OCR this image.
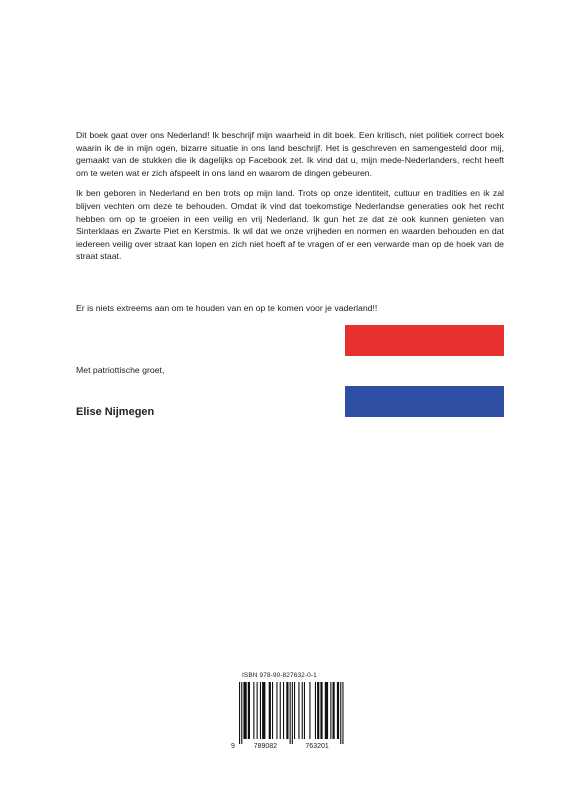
Dit boek gaat over ons Nederland! Ik beschrijf mijn waarheid in dit boek. Een kritisch, niet politiek correct boek waarin ik de in mijn ogen, bizarre situatie in ons land beschrijf. Het is geschreven en samengesteld door mij, gemaakt van de stukken die ik dagelijks op Facebook zet. Ik vind dat u, mijn mede-Nederlanders, recht heeft om te weten wat er zich afspeelt in ons land en waarom de dingen gebeuren.

Ik ben geboren in Nederland en ben trots op mijn land. Trots op onze identiteit, cultuur en tradities en ik zal blijven vechten om deze te behouden. Omdat ik vind dat toekomstige Nederlandse generaties ook het recht hebben om op te groeien in een veilig en vrij Nederland. Ik gun het ze dat ze ook kunnen genieten van Sinterklaas en Zwarte Piet en Kerstmis. Ik wil dat we onze vrijheden en normen en waarden behouden en dat iedereen veilig over straat kan lopen en zich niet hoeft af te vragen of er een verwarde man op de hoek van de straat staat.

Er is niets extreems aan om te houden van en op te komen voor je vaderland!!

Met patriottische groet,

Elise Nijmegen

ISBN 978-90-827632-0-1
9	789082	763201
